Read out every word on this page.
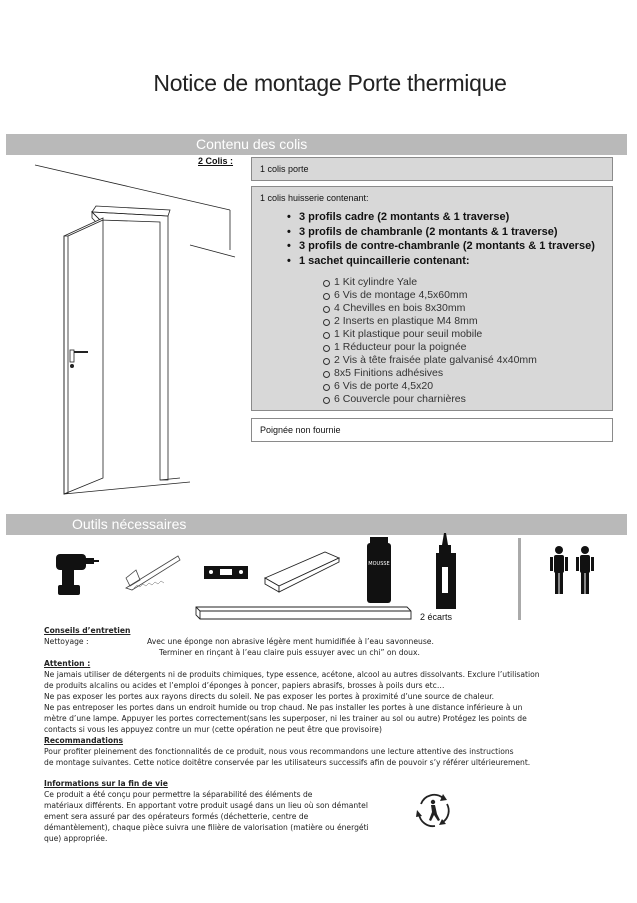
Notice de montage Porte thermique
Contenu des colis
2 Colis :
1 colis porte
1 colis huisserie contenant:
• 3 profils cadre (2 montants & 1 traverse)
• 3 profils de chambranle (2 montants & 1 traverse)
• 3 profils de contre-chambranle (2 montants & 1 traverse)
• 1 sachet quincaillerie contenant:
1 Kit cylindre Yale
6 Vis de montage 4,5x60mm
4 Chevilles en bois 8x30mm
2 Inserts en plastique M4 8mm
1 Kit plastique pour seuil mobile
1 Réducteur pour la poignée
2 Vis à tête fraisée plate galvanisé 4x40mm
8x5 Finitions adhésives
6 Vis de porte 4,5x20
6 Couvercle pour charnières
Poignée non fournie
Outils nécessaires
MOUSSE
2 écarts
Conseils d’entretien
Nettoyage :	Avec une éponge non abrasive légère ment humidifiée à l’eau savonneuse.
Terminer en rinçant à l’eau claire puis essuyer avec un chi” on doux.
Attention :
Ne jamais utiliser de détergents ni de produits chimiques, type essence, acétone, alcool au autres dissolvants. Exclure l’utilisation
de produits alcalins ou acides et l’emploi d’éponges à poncer, papiers abrasifs, brosses à poils durs etc…
Ne pas exposer les portes aux rayons directs du soleil. Ne pas exposer les portes à proximité d’une source de chaleur.
Ne pas entreposer les portes dans un endroit humide ou trop chaud. Ne pas installer les portes à une distance inférieure à un
mètre d’une lampe. Appuyer les portes correctement(sans les superposer, ni les trainer au sol ou autre) Protégez les points de
contacts si vous les appuyez contre un mur (cette opération ne peut être que provisoire)
Recommandations
Pour profiter pleinement des fonctionnalités de ce produit, nous vous recommandons une lecture attentive des instructions
de montage suivantes. Cette notice doitêtre conservée par les utilisateurs successifs afin de pouvoir s’y référer ultérieurement.
Informations sur la fin de vie
Ce produit a été conçu pour permettre la séparabilité des éléments de
matériaux différents. En apportant votre produit usagé dans un lieu où son démantel
ement sera assuré par des opérateurs formés (déchetterie, centre de
démantèlement), chaque pièce suivra une filière de valorisation (matière ou énergéti
que) appropriée.
